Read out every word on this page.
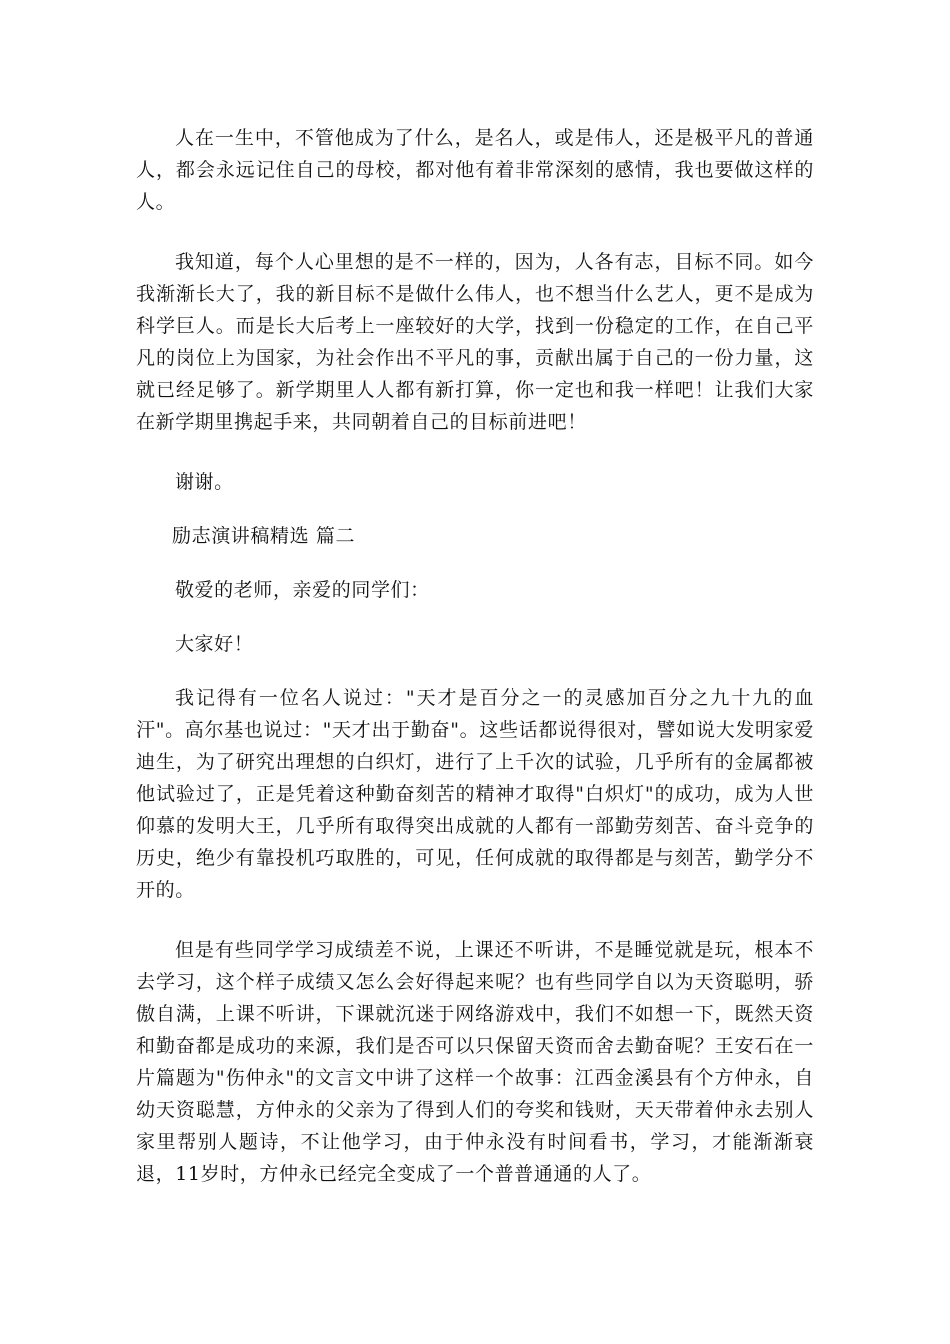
人在一生中，不管他成为了什么，是名人，或是伟人，还是极平凡的普通人，都会永远记住自己的母校，都对他有着非常深刻的感情，我也要做这样的人。

我知道，每个人心里想的是不一样的，因为，人各有志，目标不同。如今我渐渐长大了，我的新目标不是做什么伟人，也不想当什么艺人，更不是成为科学巨人。而是长大后考上一座较好的大学，找到一份稳定的工作，在自己平凡的岗位上为国家，为社会作出不平凡的事，贡献出属于自己的一份力量，这就已经足够了。新学期里人人都有新打算，你一定也和我一样吧！让我们大家在新学期里携起手来，共同朝着自己的目标前进吧！

谢谢。

励志演讲稿精选 篇二

敬爱的老师，亲爱的同学们：

大家好！

我记得有一位名人说过："天才是百分之一的灵感加百分之九十九的血汗"。高尔基也说过："天才出于勤奋"。这些话都说得很对，譬如说大发明家爱迪生，为了研究出理想的白织灯，进行了上千次的试验，几乎所有的金属都被他试验过了，正是凭着这种勤奋刻苦的精神才取得"白炽灯"的成功，成为人世仰慕的发明大王，几乎所有取得突出成就的人都有一部勤劳刻苦、奋斗竞争的历史，绝少有靠投机巧取胜的，可见，任何成就的取得都是与刻苦，勤学分不开的。

但是有些同学学习成绩差不说，上课还不听讲，不是睡觉就是玩，根本不去学习，这个样子成绩又怎么会好得起来呢？也有些同学自以为天资聪明，骄傲自满，上课不听讲，下课就沉迷于网络游戏中，我们不如想一下，既然天资和勤奋都是成功的来源，我们是否可以只保留天资而舍去勤奋呢？王安石在一片篇题为"伤仲永"的文言文中讲了这样一个故事：江西金溪县有个方仲永，自幼天资聪慧，方仲永的父亲为了得到人们的夸奖和钱财，天天带着仲永去别人家里帮别人题诗，不让他学习，由于仲永没有时间看书，学习，才能渐渐衰退，11岁时，方仲永已经完全变成了一个普普通通的人了。
